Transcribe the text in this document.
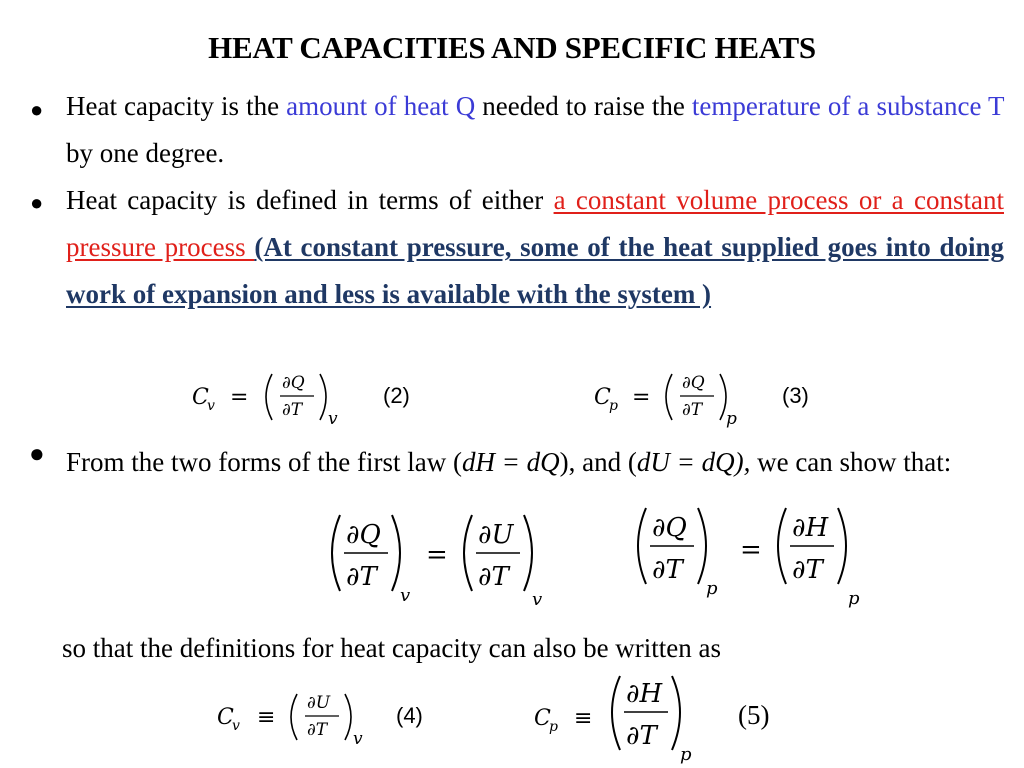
HEAT CAPACITIES AND SPECIFIC HEATS
● Heat capacity is the amount of heat Q needed to raise the temperature of a substance T by one degree.
● Heat capacity is defined in terms of either a constant volume process or a constant pressure process (At constant pressure, some of the heat supplied goes into doing work of expansion and less is available with the system )
C
v =
∂Q
∂T v
(2)	C
p =
∂Q
∂T p
(3)
● From the two forms of the first law (dH = dQ), and (dU = dQ), we can show that:
∂Q
∂T
v
=
∂U
∂T
v
∂Q
∂T
p
=
∂H
∂T
p
so that the definitions for heat capacity can also be written as
C
v ≡
∂U
∂T v
(4)	C
p ≡
∂H
∂T
p
(5)
